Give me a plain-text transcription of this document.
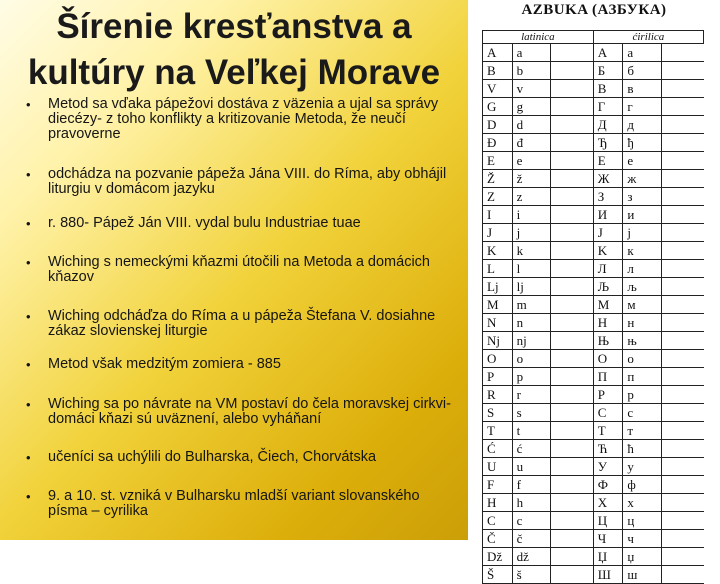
Šírenie kresťanstva a kultúry na Veľkej Morave
•	Metod sa vďaka pápežovi dostáva z väzenia a ujal sa správy diecézy- z toho konflikty a kritizovanie Metoda, že neučí pravoverne
•	odchádza na pozvanie pápeža Jána VIII. do Ríma, aby obhájil liturgiu v domácom jazyku
•	r. 880- Pápež Ján VIII. vydal bulu Industriae tuae
•	Wiching s nemeckými kňazmi útočili na Metoda a domácich kňazov
•	Wiching odcháďza do Ríma a u pápeža Štefana V. dosiahne zákaz slovienskej liturgie
•	Metod však medzitým zomiera - 885
•	Wiching sa po návrate na VM postaví do čela moravskej cirkvi- domáci kňazi sú uväznení, alebo vyháňaní
•	učeníci sa uchýlili do Bulharska, Čiech, Chorvátska
•	9. a 10. st. vzniká v Bulharsku mladší variant slovanského písma – cyrilika
AZBUKA (АЗБУКА)
latinica			ćirilica		
A	a		A	a	
B	b		Б	б	
V	v		B	в	
G	g		Г	г	
D	d		Д	д	
Đ	đ		Ђ	ђ	
E	e		E	e	
Ž	ž		Ж	ж	
Z	z		З	з	
I	i		И	и	
J	j		J	j	
K	k		K	к	
L	l		Л	л	
Lj	lj		Љ	љ	
M	m		M	м	
N	n		H	н	
Nj	nj		Њ	њ	
O	o		O	o	
P	p		П	п	
R	r		P	p	
S	s		C	c	
T	t		T	т	
Ć	ć		Ћ	ћ	
U	u		У	у	
F	f		Ф	ф	
H	h		X	x	
C	c		Ц	ц	
Č	č		Ч	ч	
Dž	dž		Џ	џ	
Š	š		Ш	ш	
